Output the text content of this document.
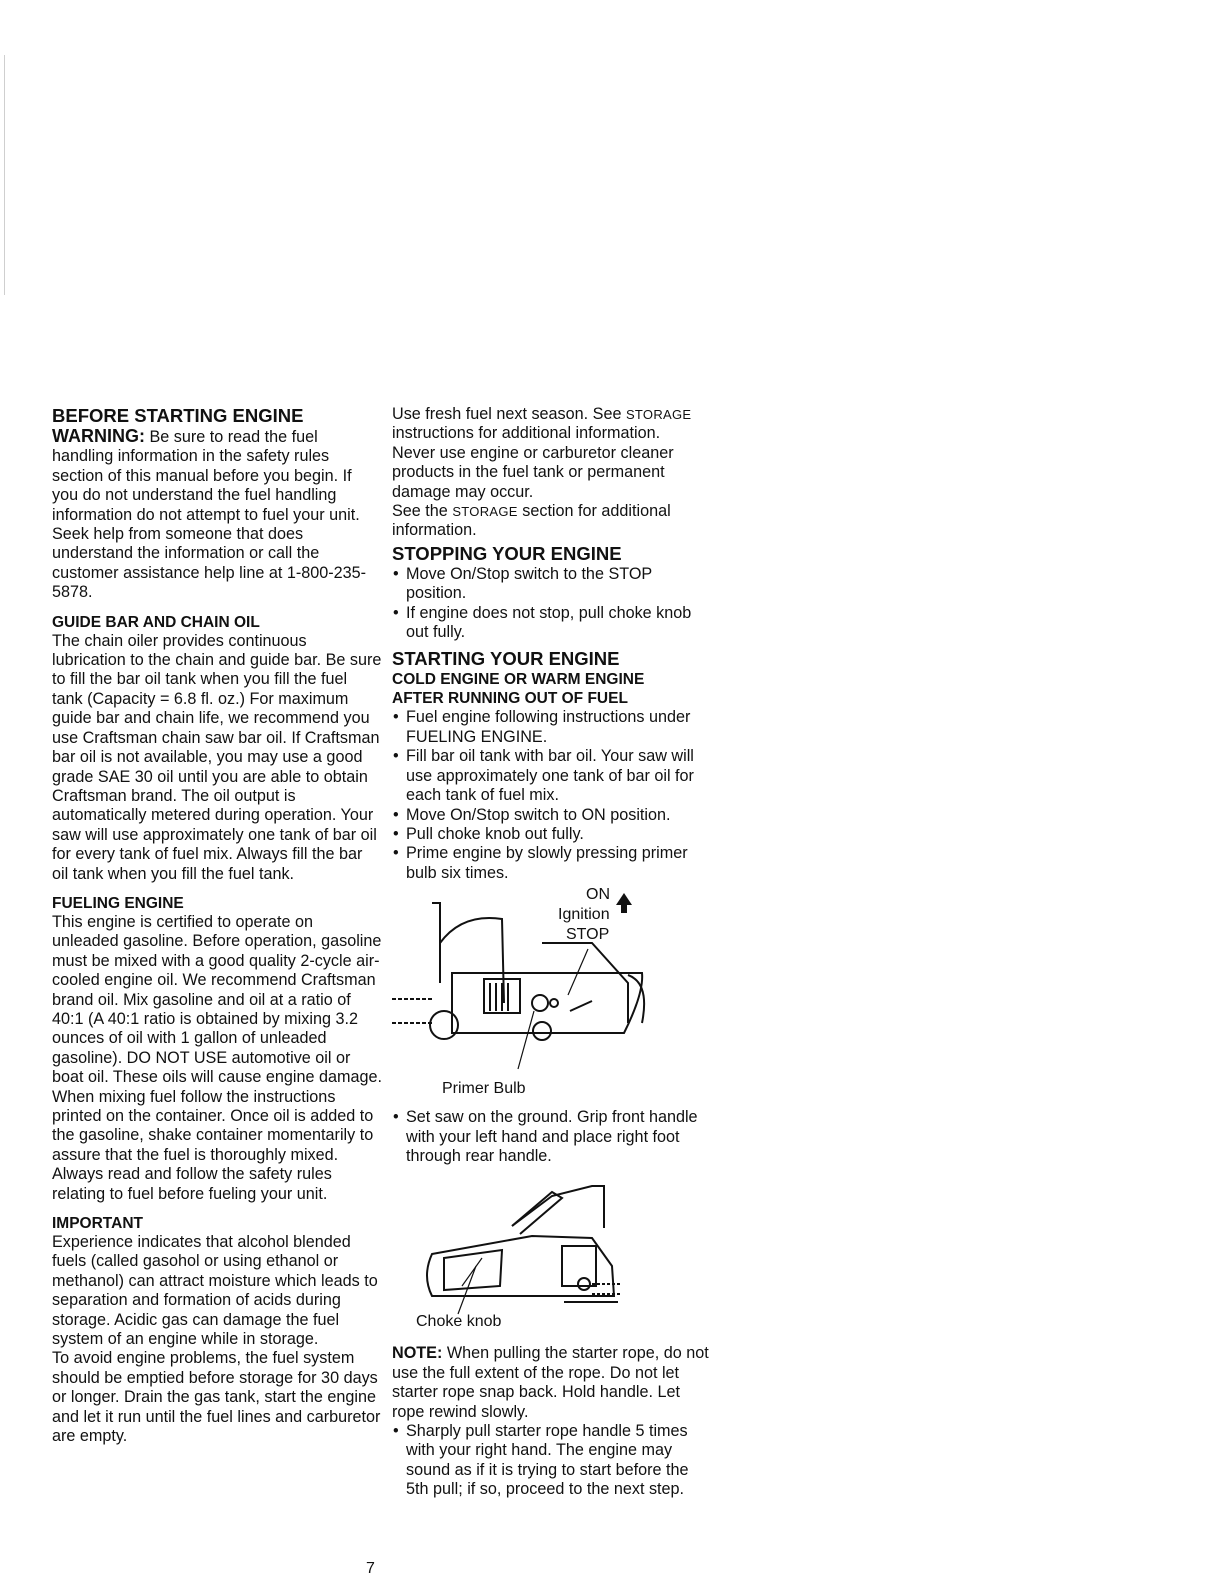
BEFORE STARTING ENGINE

WARNING: Be sure to read the fuel handling information in the safety rules section of this manual before you begin. If you do not understand the fuel handling information do not attempt to fuel your unit. Seek help from someone that does understand the information or call the customer assistance help line at 1-800-235-5878.

GUIDE BAR AND CHAIN OIL

The chain oiler provides continuous lubrication to the chain and guide bar. Be sure to fill the bar oil tank when you fill the fuel tank (Capacity = 6.8 fl. oz.) For maximum guide bar and chain life, we recommend you use Craftsman chain saw bar oil. If Craftsman bar oil is not available, you may use a good grade SAE 30 oil until you are able to obtain Craftsman brand. The oil output is automatically metered during operation. Your saw will use approximately one tank of bar oil for every tank of fuel mix. Always fill the bar oil tank when you fill the fuel tank.

FUELING ENGINE

This engine is certified to operate on unleaded gasoline. Before operation, gasoline must be mixed with a good quality 2-cycle air-cooled engine oil. We recommend Craftsman brand oil. Mix gasoline and oil at a ratio of 40:1 (A 40:1 ratio is obtained by mixing 3.2 ounces of oil with 1 gallon of unleaded gasoline). DO NOT USE automotive oil or boat oil. These oils will cause engine damage. When mixing fuel follow the instructions printed on the container. Once oil is added to the gasoline, shake container momentarily to assure that the fuel is thoroughly mixed. Always read and follow the safety rules relating to fuel before fueling your unit.

IMPORTANT

Experience indicates that alcohol blended fuels (called gasohol or using ethanol or methanol) can attract moisture which leads to separation and formation of acids during storage. Acidic gas can damage the fuel system of an engine while in storage.

To avoid engine problems, the fuel system should be emptied before storage for 30 days or longer. Drain the gas tank, start the engine and let it run until the fuel lines and carburetor are empty.

Use fresh fuel next season. See STORAGE instructions for additional information.

Never use engine or carburetor cleaner products in the fuel tank or permanent damage may occur.

See the STORAGE section for additional information.

STOPPING YOUR ENGINE

• Move On/Stop switch to the STOP position.
• If engine does not stop, pull choke knob out fully.

STARTING YOUR ENGINE

COLD ENGINE OR WARM ENGINE

AFTER RUNNING OUT OF FUEL

• Fuel engine following instructions under FUELING ENGINE.
• Fill bar oil tank with bar oil. Your saw will use approximately one tank of bar oil for each tank of fuel mix.
• Move On/Stop switch to ON position.
• Pull choke knob out fully.
• Prime engine by slowly pressing primer bulb six times.
ON
Ignition
STOP
Primer Bulb
• Set saw on the ground. Grip front handle with your left hand and place right foot through rear handle.
Choke knob

NOTE: When pulling the starter rope, do not use the full extent of the rope. Do not let starter rope snap back. Hold handle. Let rope rewind slowly.

• Sharply pull starter rope handle 5 times with your right hand. The engine may sound as if it is trying to start before the 5th pull; if so, proceed to the next step.
7
